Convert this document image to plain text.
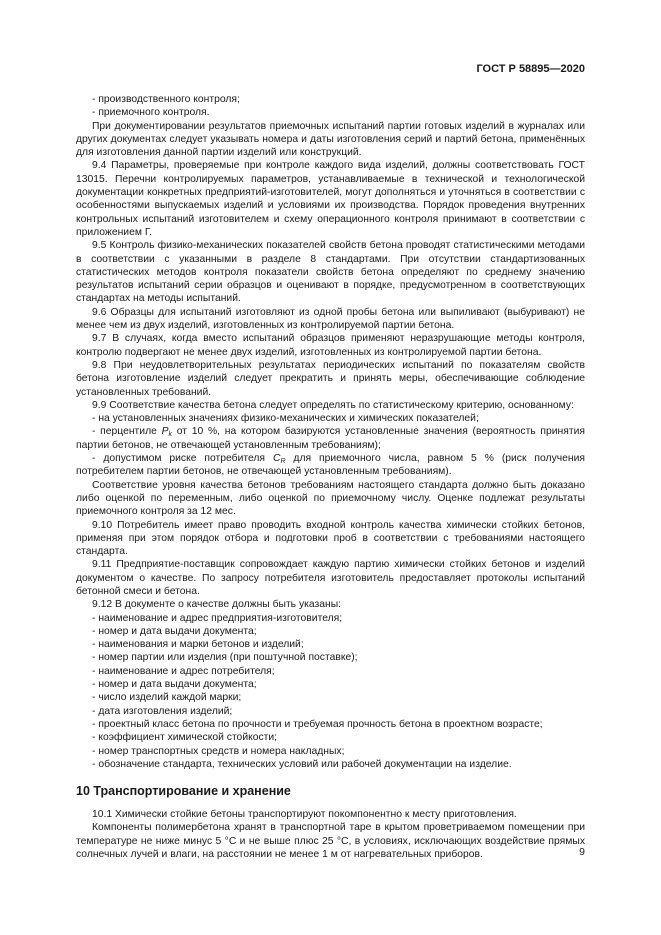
ГОСТ Р 58895—2020

- производственного контроля;

- приемочного контроля.

При документировании результатов приемочных испытаний партии готовых изделий в журналах или других документах следует указывать номера и даты изготовления серий и партий бетона, применённых для изготовления данной партии изделий или конструкций.

9.4 Параметры, проверяемые при контроле каждого вида изделий, должны соответствовать ГОСТ 13015. Перечни контролируемых параметров, устанавливаемые в технической и технологической документации конкретных предприятий-изготовителей, могут дополняться и уточняться в соответствии с особенностями выпускаемых изделий и условиями их производства. Порядок проведения внутренних контрольных испытаний изготовителем и схему операционного контроля принимают в соответствии с приложением Г.

9.5 Контроль физико-механических показателей свойств бетона проводят статистическими методами в соответствии с указанными в разделе 8 стандартами. При отсутствии стандартизованных статистических методов контроля показатели свойств бетона определяют по среднему значению результатов испытаний серии образцов и оценивают в порядке, предусмотренном в соответствующих стандартах на методы испытаний.

9.6 Образцы для испытаний изготовляют из одной пробы бетона или выпиливают (выбуривают) не менее чем из двух изделий, изготовленных из контролируемой партии бетона.

9.7 В случаях, когда вместо испытаний образцов применяют неразрушающие методы контроля, контролю подвергают не менее двух изделий, изготовленных из контролируемой партии бетона.

9.8 При неудовлетворительных результатах периодических испытаний по показателям свойств бетона изготовление изделий следует прекратить и принять меры, обеспечивающие соблюдение установленных требований.

9.9 Соответствие качества бетона следует определять по статистическому критерию, основанному:

- на установленных значениях физико-механических и химических показателей;

- перцентиле $P_k$ от 10 %, на котором базируются установленные значения (вероятность принятия партии бетонов, не отвечающей установленным требованиям);

- допустимом риске потребителя $C_R$ для приемочного числа, равном 5 % (риск получения потребителем партии бетонов, не отвечающей установленным требованиям).

Соответствие уровня качества бетонов требованиям настоящего стандарта должно быть доказано либо оценкой по переменным, либо оценкой по приемочному числу. Оценке подлежат результаты приемочного контроля за 12 мес.

9.10 Потребитель имеет право проводить входной контроль качества химически стойких бетонов, применяя при этом порядок отбора и подготовки проб в соответствии с требованиями настоящего стандарта.

9.11 Предприятие-поставщик сопровождает каждую партию химически стойких бетонов и изделий документом о качестве. По запросу потребителя изготовитель предоставляет протоколы испытаний бетонной смеси и бетона.

9.12 В документе о качестве должны быть указаны:

- наименование и адрес предприятия-изготовителя;

- номер и дата выдачи документа;

- наименования и марки бетонов и изделий;

- номер партии или изделия (при поштучной поставке);

- наименование и адрес потребителя;

- номер и дата выдачи документа;

- число изделий каждой марки;

- дата изготовления изделий;

- проектный класс бетона по прочности и требуемая прочность бетона в проектном возрасте;

- коэффициент химической стойкости;

- номер транспортных средств и номера накладных;

- обозначение стандарта, технических условий или рабочей документации на изделие.

10 Транспортирование и хранение

10.1 Химически стойкие бетоны транспортируют покомпонентно к месту приготовления.

Компоненты полимербетона хранят в транспортной таре в крытом проветриваемом помещении при температуре не ниже минус 5 °С и не выше плюс 25 °С, в условиях, исключающих воздействие прямых солнечных лучей и влаги, на расстоянии не менее 1 м от нагревательных приборов.	9
